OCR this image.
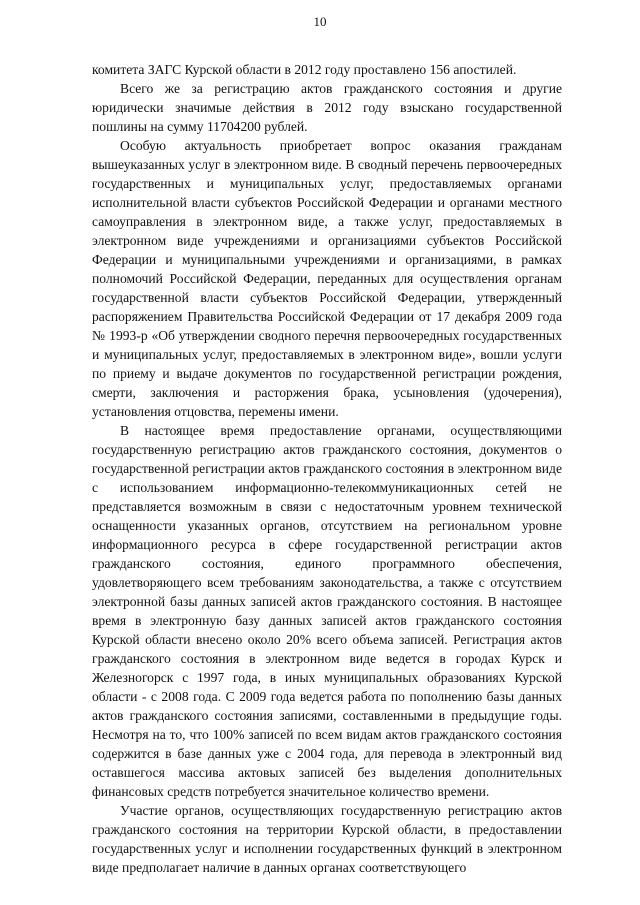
10

комитета ЗАГС Курской области в 2012 году проставлено 156 апостилей.

Всего же за регистрацию актов гражданского состояния и другие юридически значимые действия в 2012 году взыскано государственной пошлины на сумму 11704200 рублей.

Особую актуальность приобретает вопрос оказания гражданам вышеуказанных услуг в электронном виде. В сводный перечень первоочередных государственных и муниципальных услуг, предоставляемых органами исполнительной власти субъектов Российской Федерации и органами местного самоуправления в электронном виде, а также услуг, предоставляемых в электронном виде учреждениями и организациями субъектов Российской Федерации и муниципальными учреждениями и организациями, в рамках полномочий Российской Федерации, переданных для осуществления органам государственной власти субъектов Российской Федерации, утвержденный распоряжением Правительства Российской Федерации от 17 декабря 2009 года № 1993-р «Об утверждении сводного перечня первоочередных государственных и муниципальных услуг, предоставляемых в электронном виде», вошли услуги по приему и выдаче документов по государственной регистрации рождения, смерти, заключения и расторжения брака, усыновления (удочерения), установления отцовства, перемены имени.

В настоящее время предоставление органами, осуществляющими государственную регистрацию актов гражданского состояния, документов о государственной регистрации актов гражданского состояния в электронном виде с использованием информационно-телекоммуникационных сетей не представляется возможным в связи с недостаточным уровнем технической оснащенности указанных органов, отсутствием на региональном уровне информационного ресурса в сфере государственной регистрации актов гражданского состояния, единого программного обеспечения, удовлетворяющего всем требованиям законодательства, а также с отсутствием электронной базы данных записей актов гражданского состояния. В настоящее время в электронную базу данных записей актов гражданского состояния Курской области внесено около 20% всего объема записей. Регистрация актов гражданского состояния в электронном виде ведется в городах Курск и Железногорск с 1997 года, в иных муниципальных образованиях Курской области - с 2008 года. С 2009 года ведется работа по пополнению базы данных актов гражданского состояния записями, составленными в предыдущие годы. Несмотря на то, что 100% записей по всем видам актов гражданского состояния содержится в базе данных уже с 2004 года, для перевода в электронный вид оставшегося массива актовых записей без выделения дополнительных финансовых средств потребуется значительное количество времени.

Участие органов, осуществляющих государственную регистрацию актов гражданского состояния на территории Курской области, в предоставлении государственных услуг и исполнении государственных функций в электронном виде предполагает наличие в данных органах соответствующего
